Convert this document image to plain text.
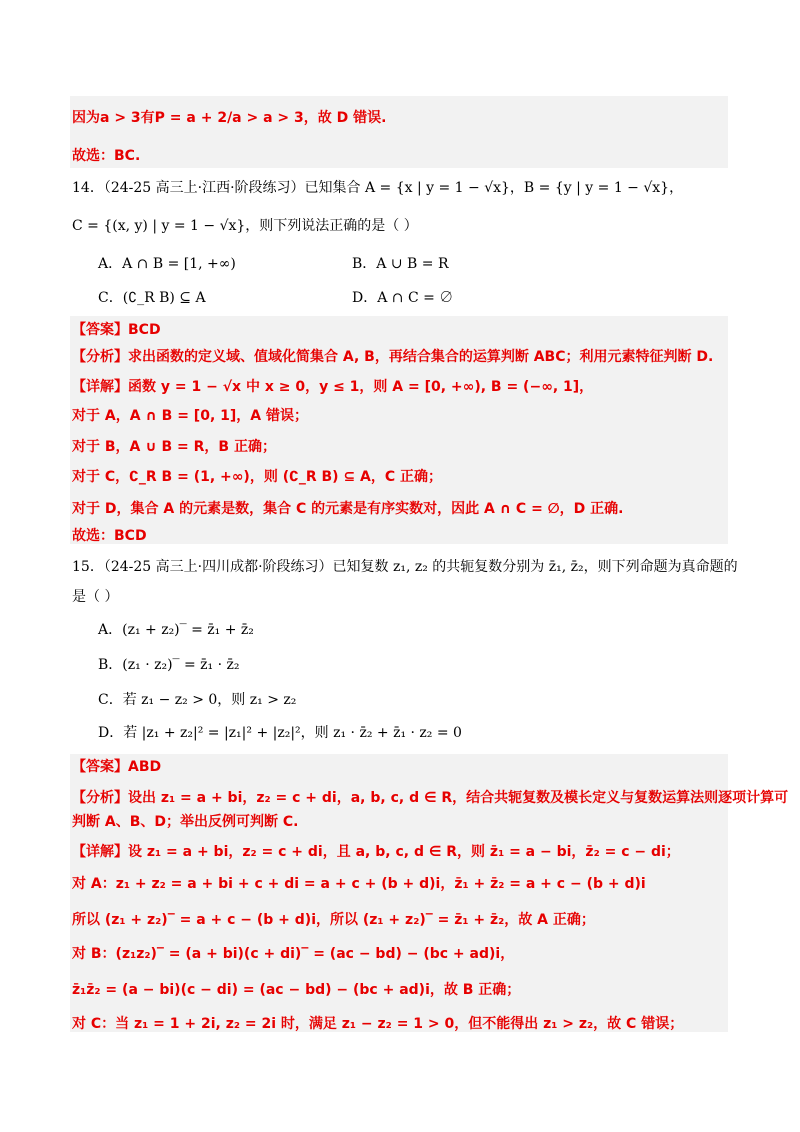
因为a > 3有P = a + 2/a > a > 3，故 D 错误.
故选：BC.
14．（24-25 高三上·江西·阶段练习）已知集合 A = {x | y = 1 − √x}，B = {y | y = 1 − √x}，
C = {(x, y) | y = 1 − √x}，则下列说法正确的是（ ）
A．A ∩ B = [1, +∞)	B．A ∪ B = R
C．(∁_R B) ⊆ A	D．A ∩ C = ∅
【答案】BCD
【分析】求出函数的定义域、值域化简集合 A, B，再结合集合的运算判断 ABC；利用元素特征判断 D.
【详解】函数 y = 1 − √x 中 x ≥ 0，y ≤ 1，则 A = [0, +∞), B = (−∞, 1]，
对于 A，A ∩ B = [0, 1]，A 错误；
对于 B，A ∪ B = R，B 正确；
对于 C，∁_R B = (1, +∞)，则 (∁_R B) ⊆ A，C 正确；
对于 D，集合 A 的元素是数，集合 C 的元素是有序实数对，因此 A ∩ C = ∅，D 正确.
故选：BCD
15．（24-25 高三上·四川成都·阶段练习）已知复数 z₁, z₂ 的共轭复数分别为 z̄₁, z̄₂，则下列命题为真命题的
是（ ）
A．(z₁ + z₂)‾ = z̄₁ + z̄₂
B．(z₁ · z₂)‾ = z̄₁ · z̄₂
C．若 z₁ − z₂ > 0，则 z₁ > z₂
D．若 |z₁ + z₂|² = |z₁|² + |z₂|²，则 z₁ · z̄₂ + z̄₁ · z₂ = 0
【答案】ABD
【分析】设出 z₁ = a + bi，z₂ = c + di，a, b, c, d ∈ R，结合共轭复数及模长定义与复数运算法则逐项计算可
判断 A、B、D；举出反例可判断 C.
【详解】设 z₁ = a + bi，z₂ = c + di，且 a, b, c, d ∈ R，则 z̄₁ = a − bi，z̄₂ = c − di；
对 A：z₁ + z₂ = a + bi + c + di = a + c + (b + d)i，z̄₁ + z̄₂ = a + c − (b + d)i
所以 (z₁ + z₂)‾ = a + c − (b + d)i，所以 (z₁ + z₂)‾ = z̄₁ + z̄₂，故 A 正确；
对 B：(z₁z₂)‾ = (a + bi)(c + di)‾ = (ac − bd) − (bc + ad)i，
z̄₁z̄₂ = (a − bi)(c − di) = (ac − bd) − (bc + ad)i，故 B 正确；
对 C：当 z₁ = 1 + 2i, z₂ = 2i 时，满足 z₁ − z₂ = 1 > 0，但不能得出 z₁ > z₂，故 C 错误；
